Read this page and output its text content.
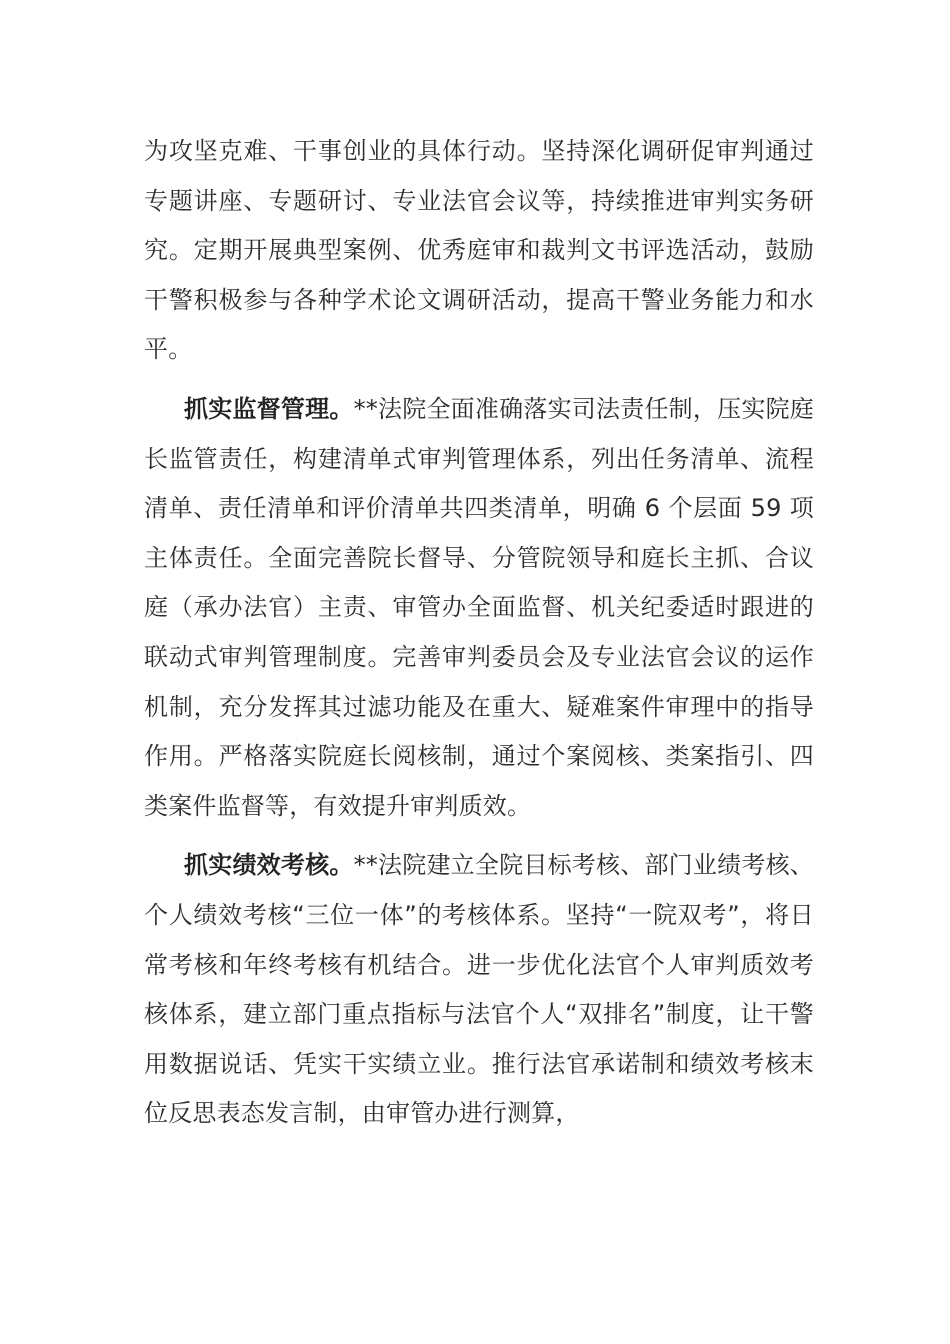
为攻坚克难、干事创业的具体行动。坚持深化调研促审判通过专题讲座、专题研讨、专业法官会议等，持续推进审判实务研究。定期开展典型案例、优秀庭审和裁判文书评选活动，鼓励干警积极参与各种学术论文调研活动，提高干警业务能力和水平。

抓实监督管理。**法院全面准确落实司法责任制，压实院庭长监管责任，构建清单式审判管理体系，列出任务清单、流程清单、责任清单和评价清单共四类清单，明确 6 个层面 59 项主体责任。全面完善院长督导、分管院领导和庭长主抓、合议庭（承办法官）主责、审管办全面监督、机关纪委适时跟进的联动式审判管理制度。完善审判委员会及专业法官会议的运作机制，充分发挥其过滤功能及在重大、疑难案件审理中的指导作用。严格落实院庭长阅核制，通过个案阅核、类案指引、四类案件监督等，有效提升审判质效。

抓实绩效考核。**法院建立全院目标考核、部门业绩考核、个人绩效考核“三位一体”的考核体系。坚持“一院双考”，将日常考核和年终考核有机结合。进一步优化法官个人审判质效考核体系，建立部门重点指标与法官个人“双排名”制度，让干警用数据说话、凭实干实绩立业。推行法官承诺制和绩效考核末位反思表态发言制，由审管办进行测算，
